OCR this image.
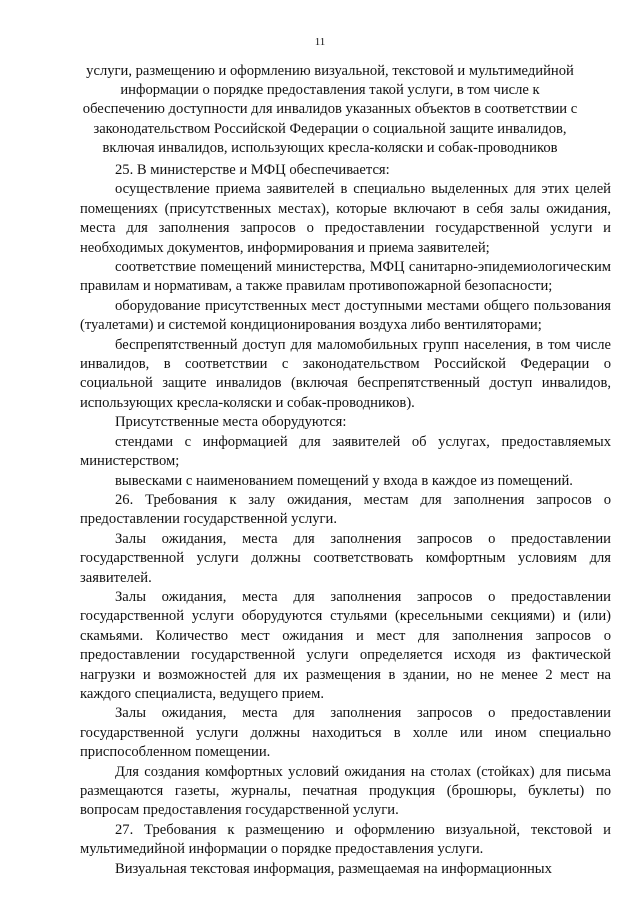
11
услуги, размещению и оформлению визуальной, текстовой и мультимедийной информации о порядке предоставления такой услуги, в том числе к обеспечению доступности для инвалидов указанных объектов в соответствии с законодательством Российской Федерации о социальной защите инвалидов, включая инвалидов, использующих кресла-коляски и собак-проводников

25. В министерстве и МФЦ обеспечивается:

осуществление приема заявителей в специально выделенных для этих целей помещениях (присутственных местах), которые включают в себя залы ожидания, места для заполнения запросов о предоставлении государственной услуги и необходимых документов, информирования и приема заявителей;

соответствие помещений министерства, МФЦ санитарно-эпидемиологическим правилам и нормативам, а также правилам противопожарной безопасности;

оборудование присутственных мест доступными местами общего пользования (туалетами) и системой кондиционирования воздуха либо вентиляторами;

беспрепятственный доступ для маломобильных групп населения, в том числе инвалидов, в соответствии с законодательством Российской Федерации о социальной защите инвалидов (включая беспрепятственный доступ инвалидов, использующих кресла-коляски и собак-проводников).

Присутственные места оборудуются:

стендами с информацией для заявителей об услугах, предоставляемых министерством;

вывесками с наименованием помещений у входа в каждое из помещений.

26. Требования к залу ожидания, местам для заполнения запросов о предоставлении государственной услуги.

Залы ожидания, места для заполнения запросов о предоставлении государственной услуги должны соответствовать комфортным условиям для заявителей.

Залы ожидания, места для заполнения запросов о предоставлении государственной услуги оборудуются стульями (кресельными секциями) и (или) скамьями. Количество мест ожидания и мест для заполнения запросов о предоставлении государственной услуги определяется исходя из фактической нагрузки и возможностей для их размещения в здании, но не менее 2 мест на каждого специалиста, ведущего прием.

Залы ожидания, места для заполнения запросов о предоставлении государственной услуги должны находиться в холле или ином специально приспособленном помещении.

Для создания комфортных условий ожидания на столах (стойках) для письма размещаются газеты, журналы, печатная продукция (брошюры, буклеты) по вопросам предоставления государственной услуги.

27. Требования к размещению и оформлению визуальной, текстовой и мультимедийной информации о порядке предоставления услуги.

Визуальная текстовая информация, размещаемая на информационных
